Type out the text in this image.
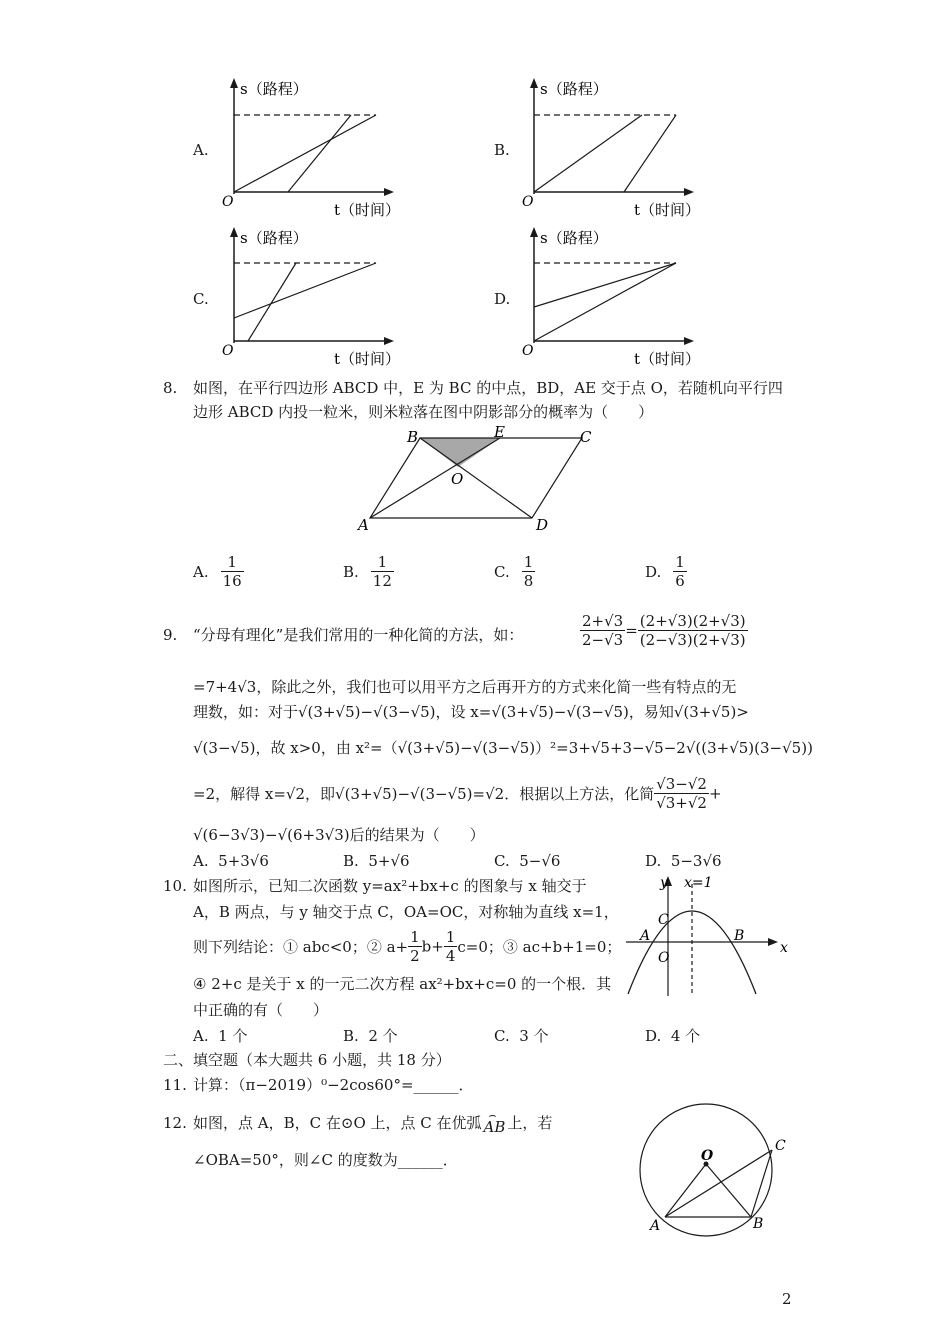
A.	B.
C.	D.
s（路程）
O	t（时间）
s（路程）
O	t（时间）
s（路程）
O	t（时间）
s（路程）
O	t（时间）
8. 如图，在平行四边形 ABCD 中，E 为 BC 的中点，BD，AE 交于点 O，若随机向平行四
边形 ABCD 内投一粒米，则米粒落在图中阴影部分的概率为（　　）
B	E	C
O
A	D
A. $\frac{1}{16}$	B. $\frac{1}{12}$	C. $\frac{1}{8}$	D. $\frac{1}{6}$
9. “分母有理化”是我们常用的一种化简的方法，如：	$\frac{2+√3}{2-√3} = \frac{(2+√3)(2+√3)}{(2-√3)(2+√3)}$
=7+4√3，除此之外，我们也可以用平方之后再开方的方式来化简一些有特点的无
理数，如：对于√(3+√5)−√(3−√5)，设 x=√(3+√5)−√(3−√5)，易知√(3+√5)>
√(3−√5)，故 x>0，由 x²=（√(3+√5)−√(3−√5)）²=3+√5+3−√5−2√((3+√5)(3−√5))
=2，解得 x=√2，即√(3+√5)−√(3−√5)=√2．根据以上方法，化简 $\frac{√3-√2}{√3+√2}$ +
√(6−3√3)−√(6+3√3)后的结果为（　　）
A. 5+3√6	B. 5+√6	C. 5−√6	D. 5−3√6
10. 如图所示，已知二次函数 y=ax²+bx+c 的图象与 x 轴交于
A，B 两点，与 y 轴交于点 C，OA=OC，对称轴为直线 x=1，
则下列结论：① abc<0；② $a+ \frac{1}{2} b+ \frac{1}{4} c=0$；③ ac+b+1=0；
④ 2+c 是关于 x 的一元二次方程 ax²+bx+c=0 的一个根．其
中正确的有（　　）
y x=1
x
C
A	B
O
A. 1 个	B. 2 个	C. 3 个	D. 4 个
二、填空题（本大题共 6 小题，共 18 分）
11. 计算：（π−2019）⁰−2cos60°=______．
12. 如图，点 A，B，C 在⊙O 上，点 C 在优弧 ⌢
AB 上，若
∠OBA=50°，则∠C 的度数为______．	O
A	B
C
2
